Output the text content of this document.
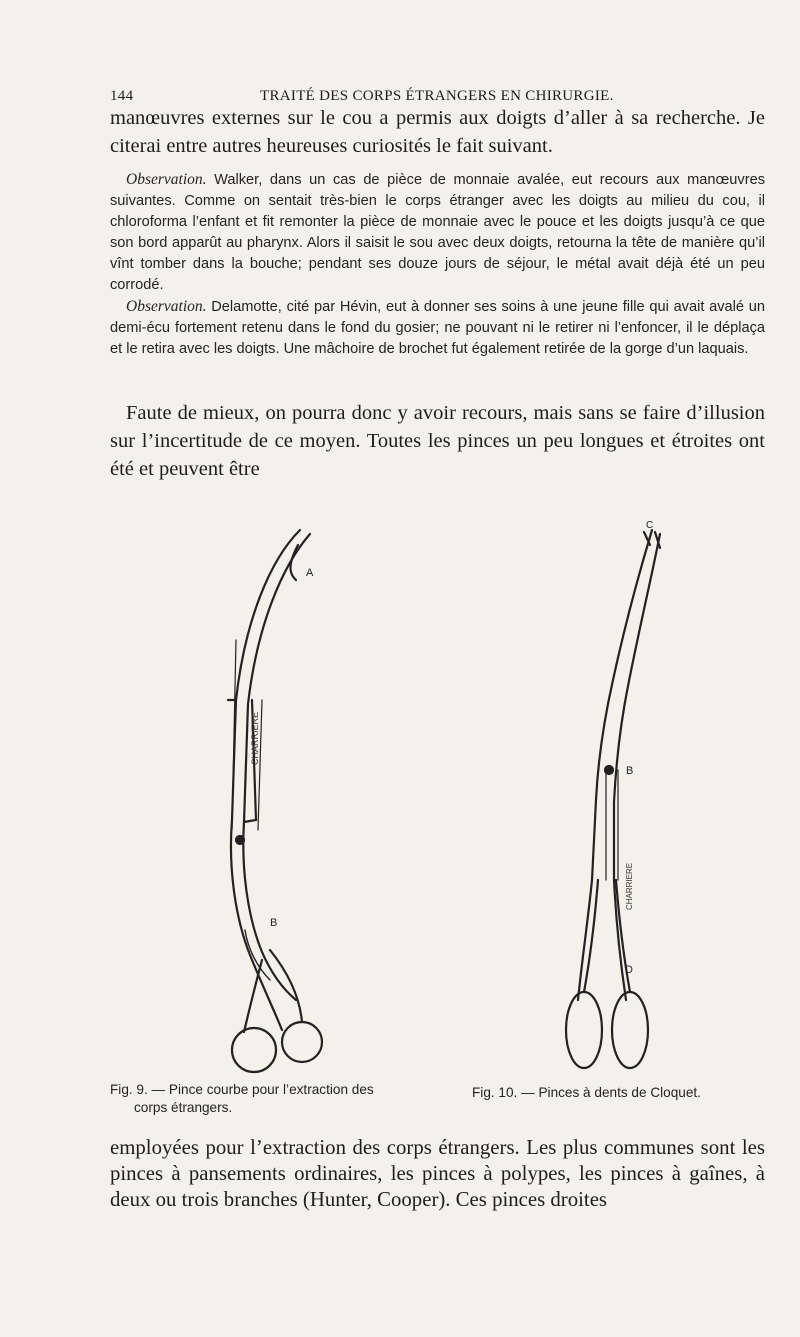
144	TRAITÉ DES CORPS ÉTRANGERS EN CHIRURGIE.

manœuvres externes sur le cou a permis aux doigts d’aller à sa recherche. Je citerai entre autres heureuses curiosités le fait suivant.

Observation. Walker, dans un cas de pièce de monnaie avalée, eut recours aux manœuvres suivantes. Comme on sentait très-bien le corps étranger avec les doigts au milieu du cou, il chloroforma l’enfant et fit remonter la pièce de monnaie avec le pouce et les doigts jusqu’à ce que son bord apparût au pharynx. Alors il saisit le sou avec deux doigts, retourna la tête de manière qu’il vînt tomber dans la bouche; pendant ses douze jours de séjour, le métal avait déjà été un peu corrodé.

Observation. Delamotte, cité par Hévin, eut à donner ses soins à une jeune fille qui avait avalé un demi-écu fortement retenu dans le fond du gosier; ne pouvant ni le retirer ni l’enfoncer, il le déplaça et le retira avec les doigts. Une mâchoire de brochet fut également retirée de la gorge d’un laquais.

Faute de mieux, on pourra donc y avoir recours, mais sans se faire d’illusion sur l’incertitude de ce moyen. Toutes les pinces un peu longues et étroites ont été et peuvent être

A
B
CHARRIERE
C
B
D
CHARRIERE
Fig. 9. — Pince courbe pour l’extraction des
corps étrangers.
Fig. 10. — Pinces à dents de Cloquet.

employées pour l’extraction des corps étrangers. Les plus communes sont les pinces à pansements ordinaires, les pinces à polypes, les pinces à gaînes, à deux ou trois branches (Hunter, Cooper). Ces pinces droites
